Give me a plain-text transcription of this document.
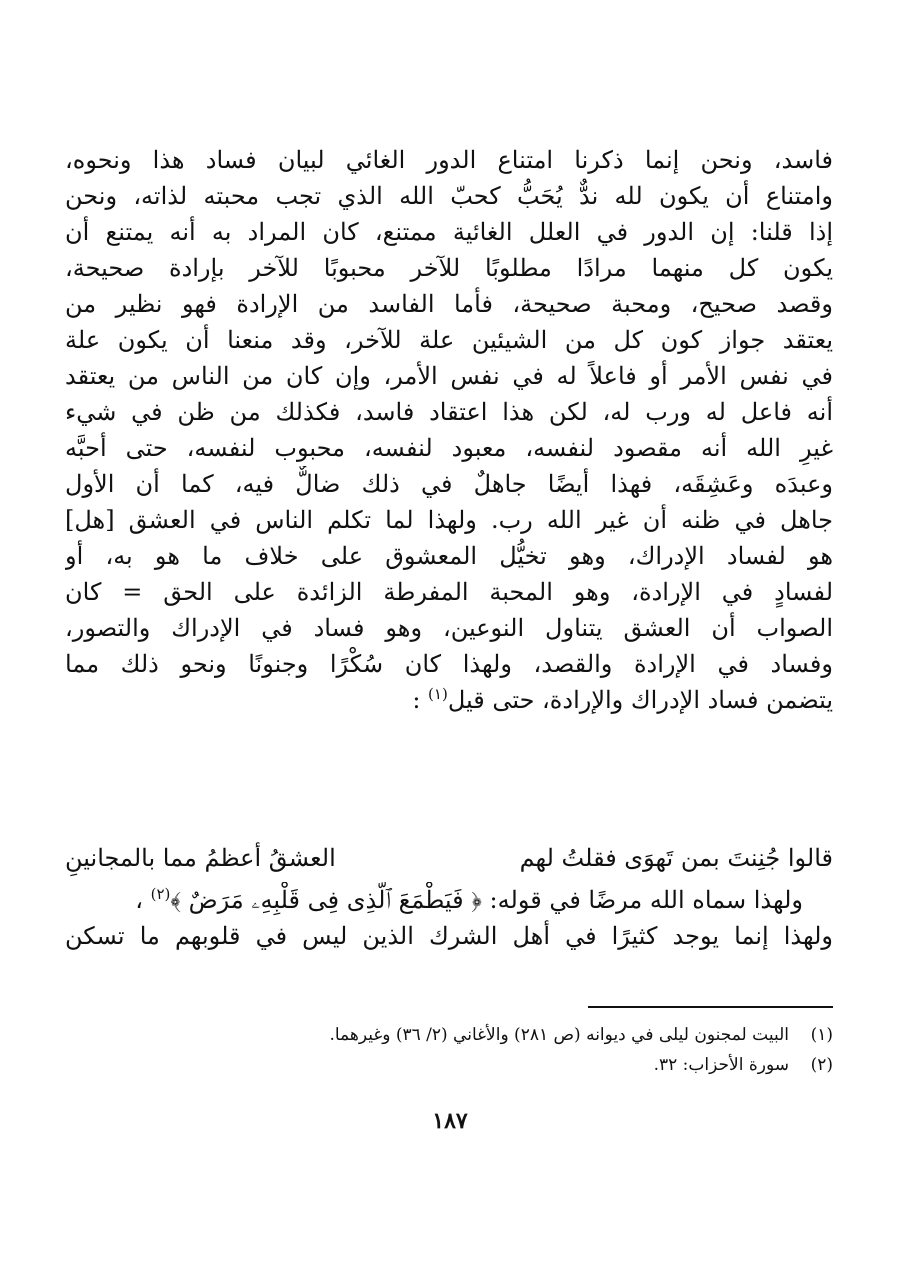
فاسد، ونحن إنما ذكرنا امتناع الدور الغائي لبيان فساد هذا ونحوه،
وامتناع أن يكون لله ندٌّ يُحَبُّ كحبّ الله الذي تجب محبته لذاته، ونحن
إذا قلنا: إن الدور في العلل الغائية ممتنع، كان المراد به أنه يمتنع أن
يكون كل منهما مرادًا مطلوبًا للآخر محبوبًا للآخر بإرادة صحيحة،
وقصد صحيح، ومحبة صحيحة، فأما الفاسد من الإرادة فهو نظير من
يعتقد جواز كون كل من الشيئين علة للآخر، وقد منعنا أن يكون علة
في نفس الأمر أو فاعلاً له في نفس الأمر، وإن كان من الناس من يعتقد
أنه فاعل له ورب له، لكن هذا اعتقاد فاسد، فكذلك من ظن في شيء
غيرِ الله أنه مقصود لنفسه، معبود لنفسه، محبوب لنفسه، حتى أحبَّه
وعبدَه وعَشِقَه، فهذا أيضًا جاهلٌ في ذلك ضالٌّ فيه، كما أن الأول
جاهل في ظنه أن غير الله رب. ولهذا لما تكلم الناس في العشق [هل]
هو لفساد الإدراك، وهو تخيُّل المعشوق على خلاف ما هو به، أو
لفسادٍ في الإرادة، وهو المحبة المفرطة الزائدة على الحق = كان
الصواب أن العشق يتناول النوعين، وهو فساد في الإدراك والتصور،
وفساد في الإرادة والقصد، ولهذا كان سُكْرًا وجنونًا ونحو ذلك مما
يتضمن فساد الإدراك والإرادة، حتى قيل$^{(١)}$ :
قالوا جُنِنتَ بمن تَهوَى فقلتُ لهم
العشقُ أعظمُ مما بالمجانينِ
ولهذا سماه الله مرضًا في قوله: ﴿ فَيَطْمَعَ ٱلَّذِى فِى قَلْبِهِۦ مَرَضٌ ﴾$^{(٢)}$ ،
ولهذا إنما يوجد كثيرًا في أهل الشرك الذين ليس في قلوبهم ما تسكن
(١)البيت لمجنون ليلى في ديوانه (ص ٢٨١) والأغاني (٢/ ٣٦) وغيرهما.
(٢)سورة الأحزاب: ٣٢.
١٨٧
